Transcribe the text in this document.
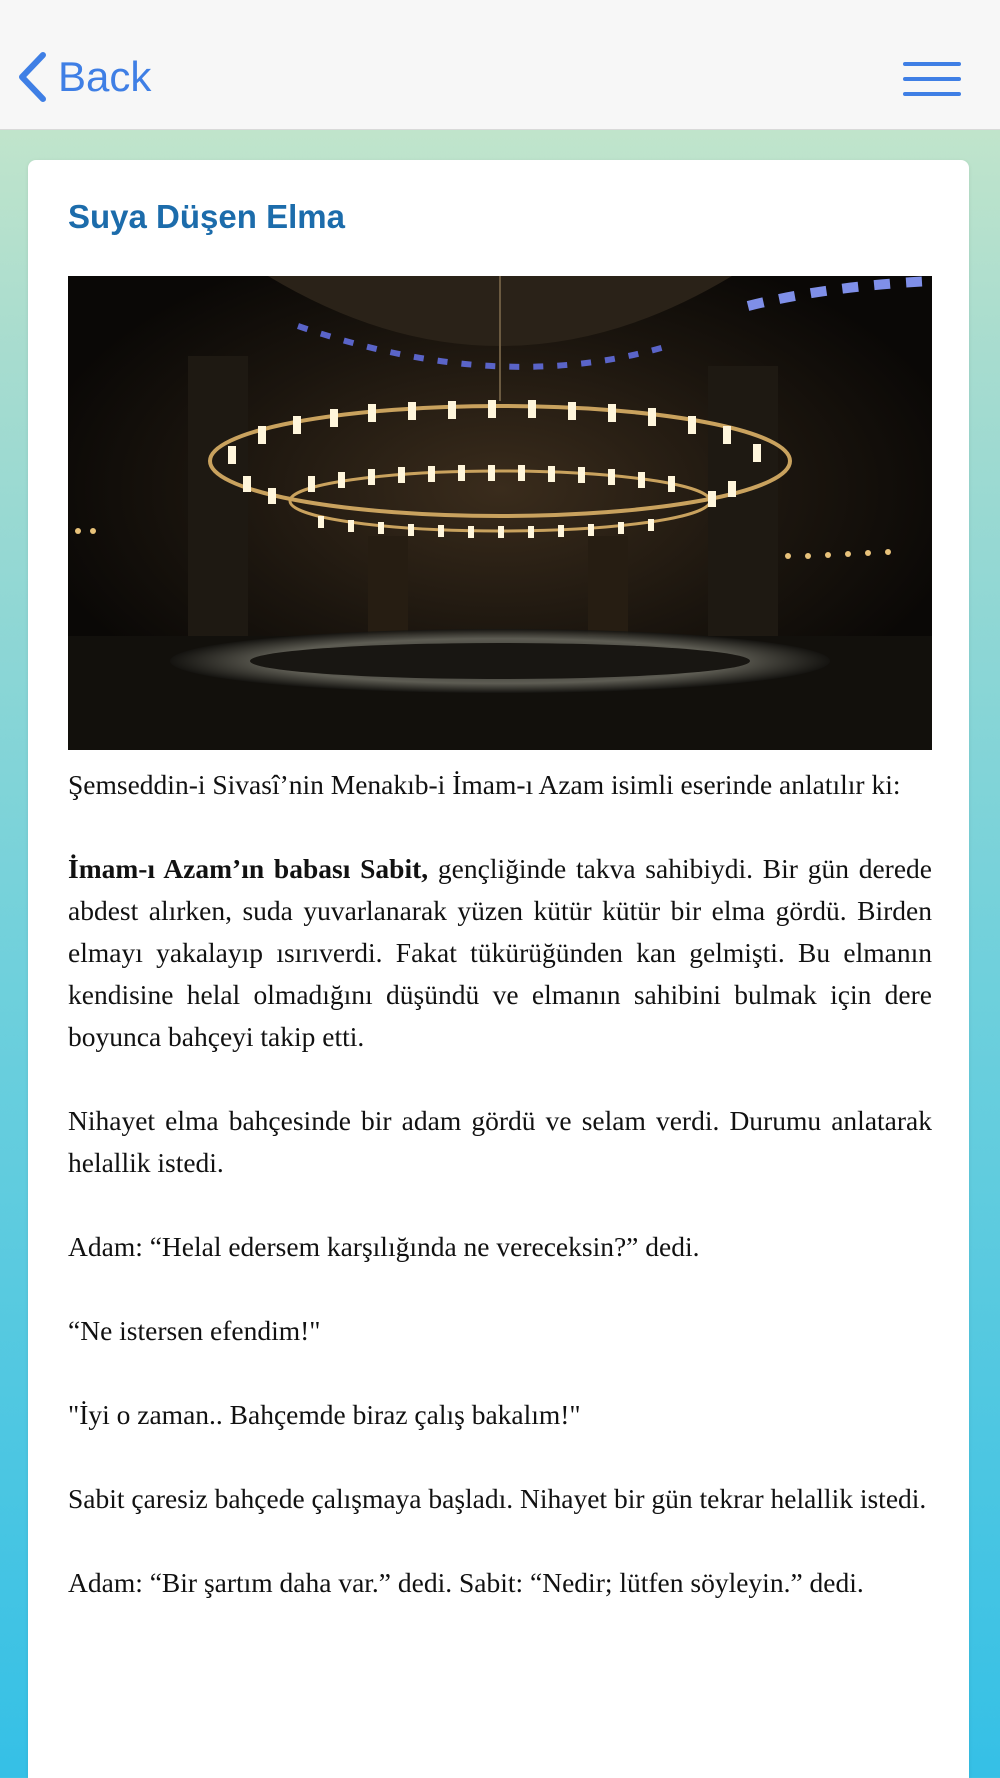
Back
Suya Düşen Elma

Şemseddin-i Sivasî’nin Menakıb-i İmam-ı Azam isimli eserinde anlatılır ki:

İmam-ı Azam’ın babası Sabit, gençliğinde takva sahibiydi. Bir gün derede abdest alırken, suda yuvarlanarak yüzen kütür kütür bir elma gördü. Birden elmayı yakalayıp ısırıverdi. Fakat tükürüğünden kan gelmişti. Bu elmanın kendisine helal olmadığını düşündü ve elmanın sahibini bulmak için dere boyunca bahçeyi takip etti.

Nihayet elma bahçesinde bir adam gördü ve selam verdi. Durumu anlatarak helallik istedi.

Adam: “Helal edersem karşılığında ne vereceksin?” dedi.

“Ne istersen efendim!"

"İyi o zaman.. Bahçemde biraz çalış bakalım!"

Sabit çaresiz bahçede çalışmaya başladı. Nihayet bir gün tekrar helallik istedi.

Adam: “Bir şartım daha var.” dedi. Sabit: “Nedir; lütfen söyleyin.” dedi.
